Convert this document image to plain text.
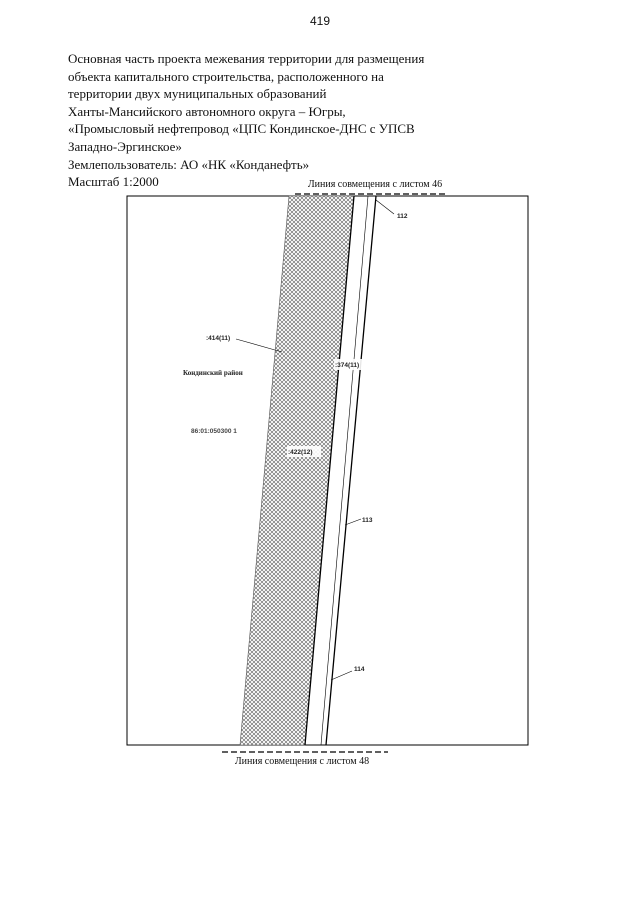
419
Основная часть проекта межевания территории для размещения
объекта капитального строительства, расположенного на
территории двух муниципальных образований
Ханты-Мансийского автономного округа – Югры,
«Промысловый нефтепровод «ЦПС Кондинское-ДНС с УПСВ
Западно-Эргинское»
Землепользователь: АО «НК «Конданефть»
Масштаб 1:2000	Линия совмещения с листом 46
Линия совмещения с листом 48
:414(11)
:374(11)
:422(12)
Кондинский район
86:01:050300 1
112
113
114
